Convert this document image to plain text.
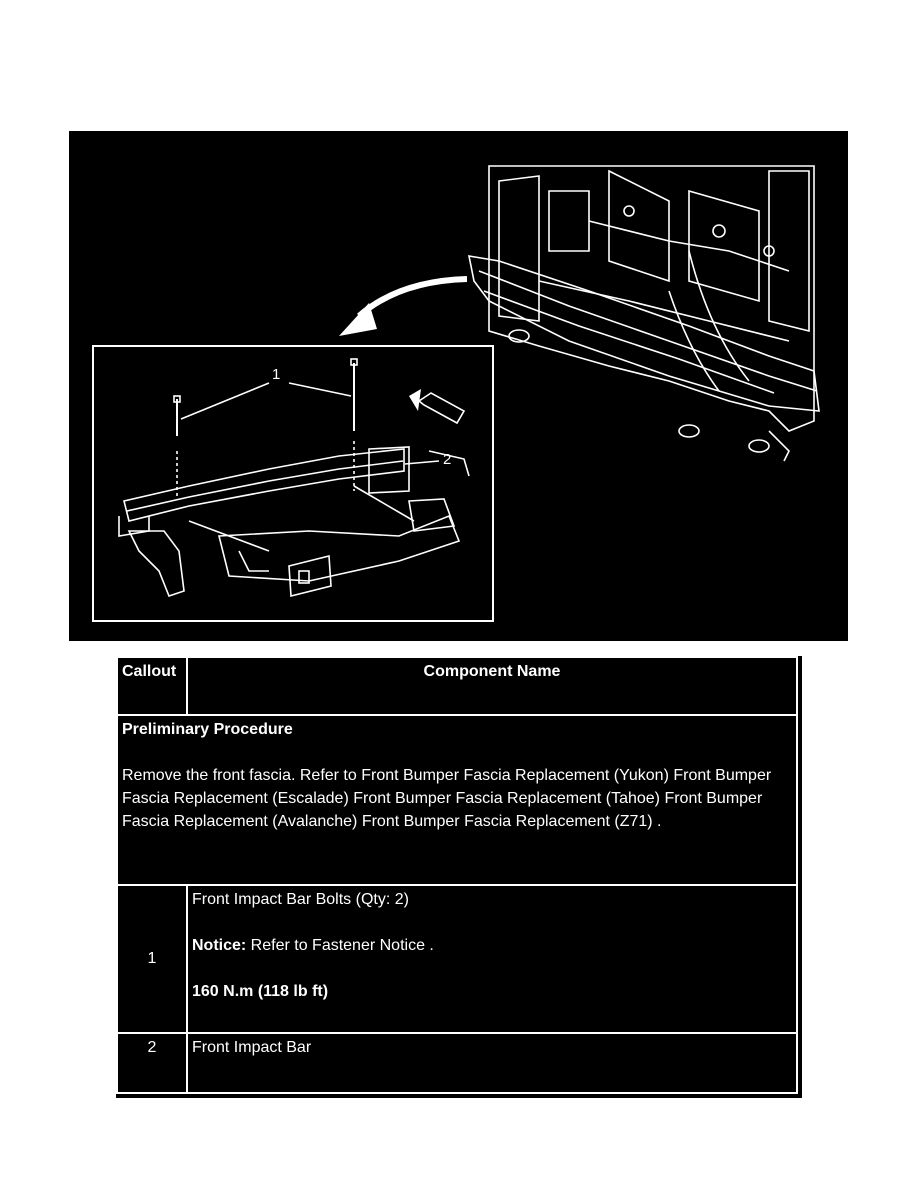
1
2
Callout	Component Name

Preliminary Procedure

Remove the front fascia. Refer to Front Bumper Fascia Replacement (Yukon) Front Bumper Fascia Replacement (Escalade) Front Bumper Fascia Replacement (Tahoe) Front Bumper Fascia Replacement (Avalanche) Front Bumper Fascia Replacement (Z71) .

1

Front Impact Bar Bolts (Qty: 2)

Notice: Refer to Fastener Notice .

160 N.m (118 lb ft)

2	Front Impact Bar
